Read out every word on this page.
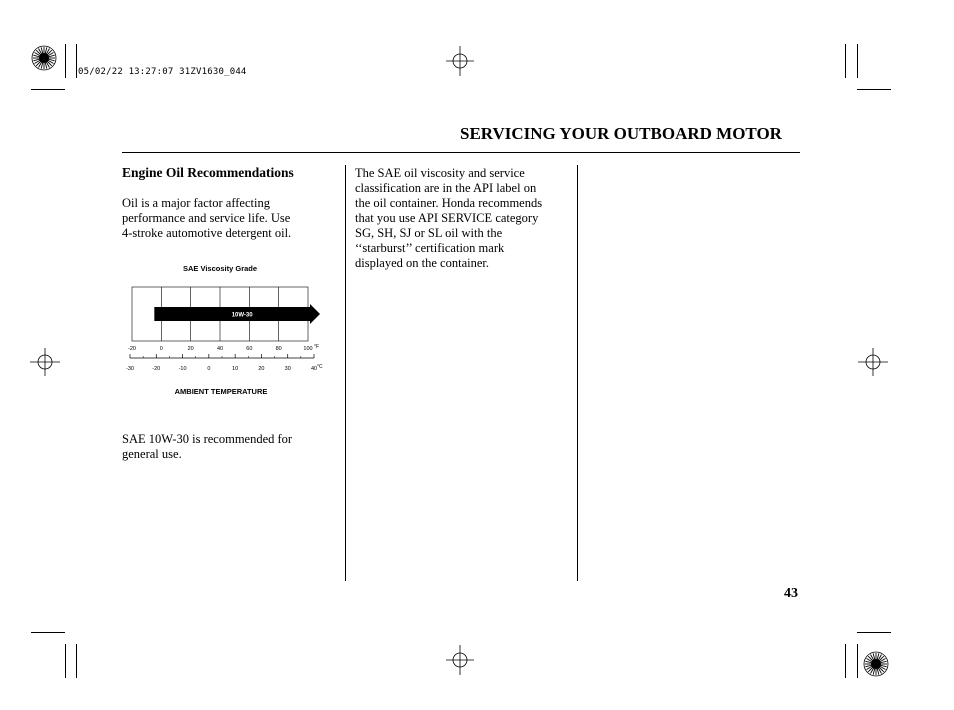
05/02/22 13:27:07 31ZV1630_044
SERVICING YOUR OUTBOARD MOTOR
Engine Oil Recommendations
Oil is a major factor affecting
performance and service life. Use
4-stroke automotive detergent oil.
SAE Viscosity Grade
10W-30
-20	0	20	40	60	80	100 °F
-30	-20	-10	0	10	20	30	40 °C
AMBIENT TEMPERATURE
SAE 10W-30 is recommended for
general use.
The SAE oil viscosity and service
classification are in the API label on
the oil container. Honda recommends
that you use API SERVICE category
SG, SH, SJ or SL oil with the
‘‘starburst’’ certification mark
displayed on the container.
43
